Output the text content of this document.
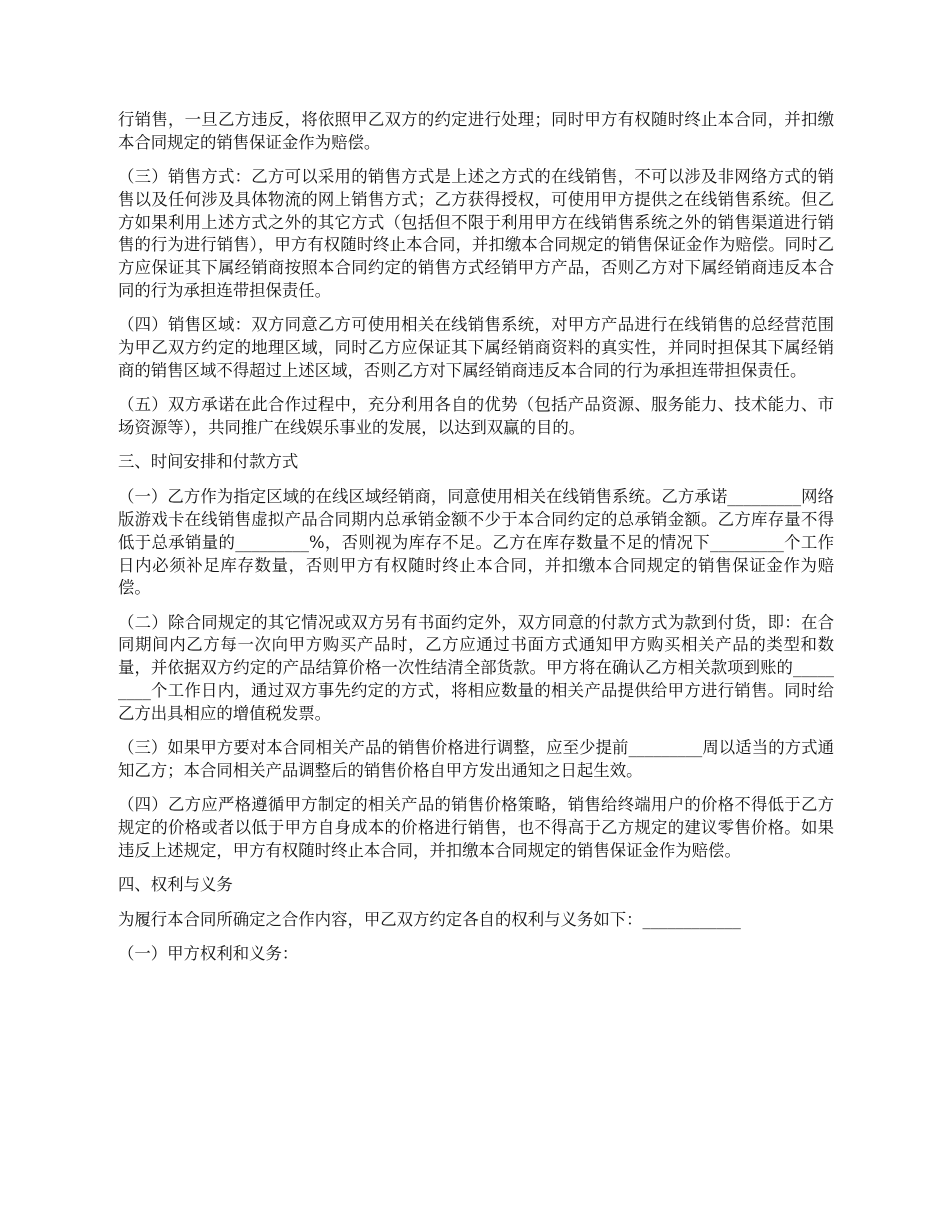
行销售，一旦乙方违反，将依照甲乙双方的约定进行处理；同时甲方有权随时终止本合同，并扣缴本合同规定的销售保证金作为赔偿。

（三）销售方式：乙方可以采用的销售方式是上述之方式的在线销售，不可以涉及非网络方式的销售以及任何涉及具体物流的网上销售方式；乙方获得授权，可使用甲方提供之在线销售系统。但乙方如果利用上述方式之外的其它方式（包括但不限于利用甲方在线销售系统之外的销售渠道进行销售的行为进行销售），甲方有权随时终止本合同，并扣缴本合同规定的销售保证金作为赔偿。同时乙方应保证其下属经销商按照本合同约定的销售方式经销甲方产品，否则乙方对下属经销商违反本合同的行为承担连带担保责任。

（四）销售区域：双方同意乙方可使用相关在线销售系统，对甲方产品进行在线销售的总经营范围为甲乙双方约定的地理区域，同时乙方应保证其下属经销商资料的真实性，并同时担保其下属经销商的销售区域不得超过上述区域，否则乙方对下属经销商违反本合同的行为承担连带担保责任。

（五）双方承诺在此合作过程中，充分利用各自的优势（包括产品资源、服务能力、技术能力、市场资源等），共同推广在线娱乐事业的发展，以达到双赢的目的。

三、时间安排和付款方式

（一）乙方作为指定区域的在线区域经销商，同意使用相关在线销售系统。乙方承诺_________网络版游戏卡在线销售虚拟产品合同期内总承销金额不少于本合同约定的总承销金额。乙方库存量不得低于总承销量的_________%，否则视为库存不足。乙方在库存数量不足的情况下_________个工作日内必须补足库存数量，否则甲方有权随时终止本合同，并扣缴本合同规定的销售保证金作为赔偿。

（二）除合同规定的其它情况或双方另有书面约定外，双方同意的付款方式为款到付货，即：在合同期间内乙方每一次向甲方购买产品时，乙方应通过书面方式通知甲方购买相关产品的类型和数量，并依据双方约定的产品结算价格一次性结清全部货款。甲方将在确认乙方相关款项到账的_________个工作日内，通过双方事先约定的方式，将相应数量的相关产品提供给甲方进行销售。同时给乙方出具相应的增值税发票。

（三）如果甲方要对本合同相关产品的销售价格进行调整，应至少提前_________周以适当的方式通知乙方；本合同相关产品调整后的销售价格自甲方发出通知之日起生效。

（四）乙方应严格遵循甲方制定的相关产品的销售价格策略，销售给终端用户的价格不得低于乙方规定的价格或者以低于甲方自身成本的价格进行销售，也不得高于乙方规定的建议零售价格。如果违反上述规定，甲方有权随时终止本合同，并扣缴本合同规定的销售保证金作为赔偿。

四、权利与义务

为履行本合同所确定之合作内容，甲乙双方约定各自的权利与义务如下：____________

（一）甲方权利和义务：
